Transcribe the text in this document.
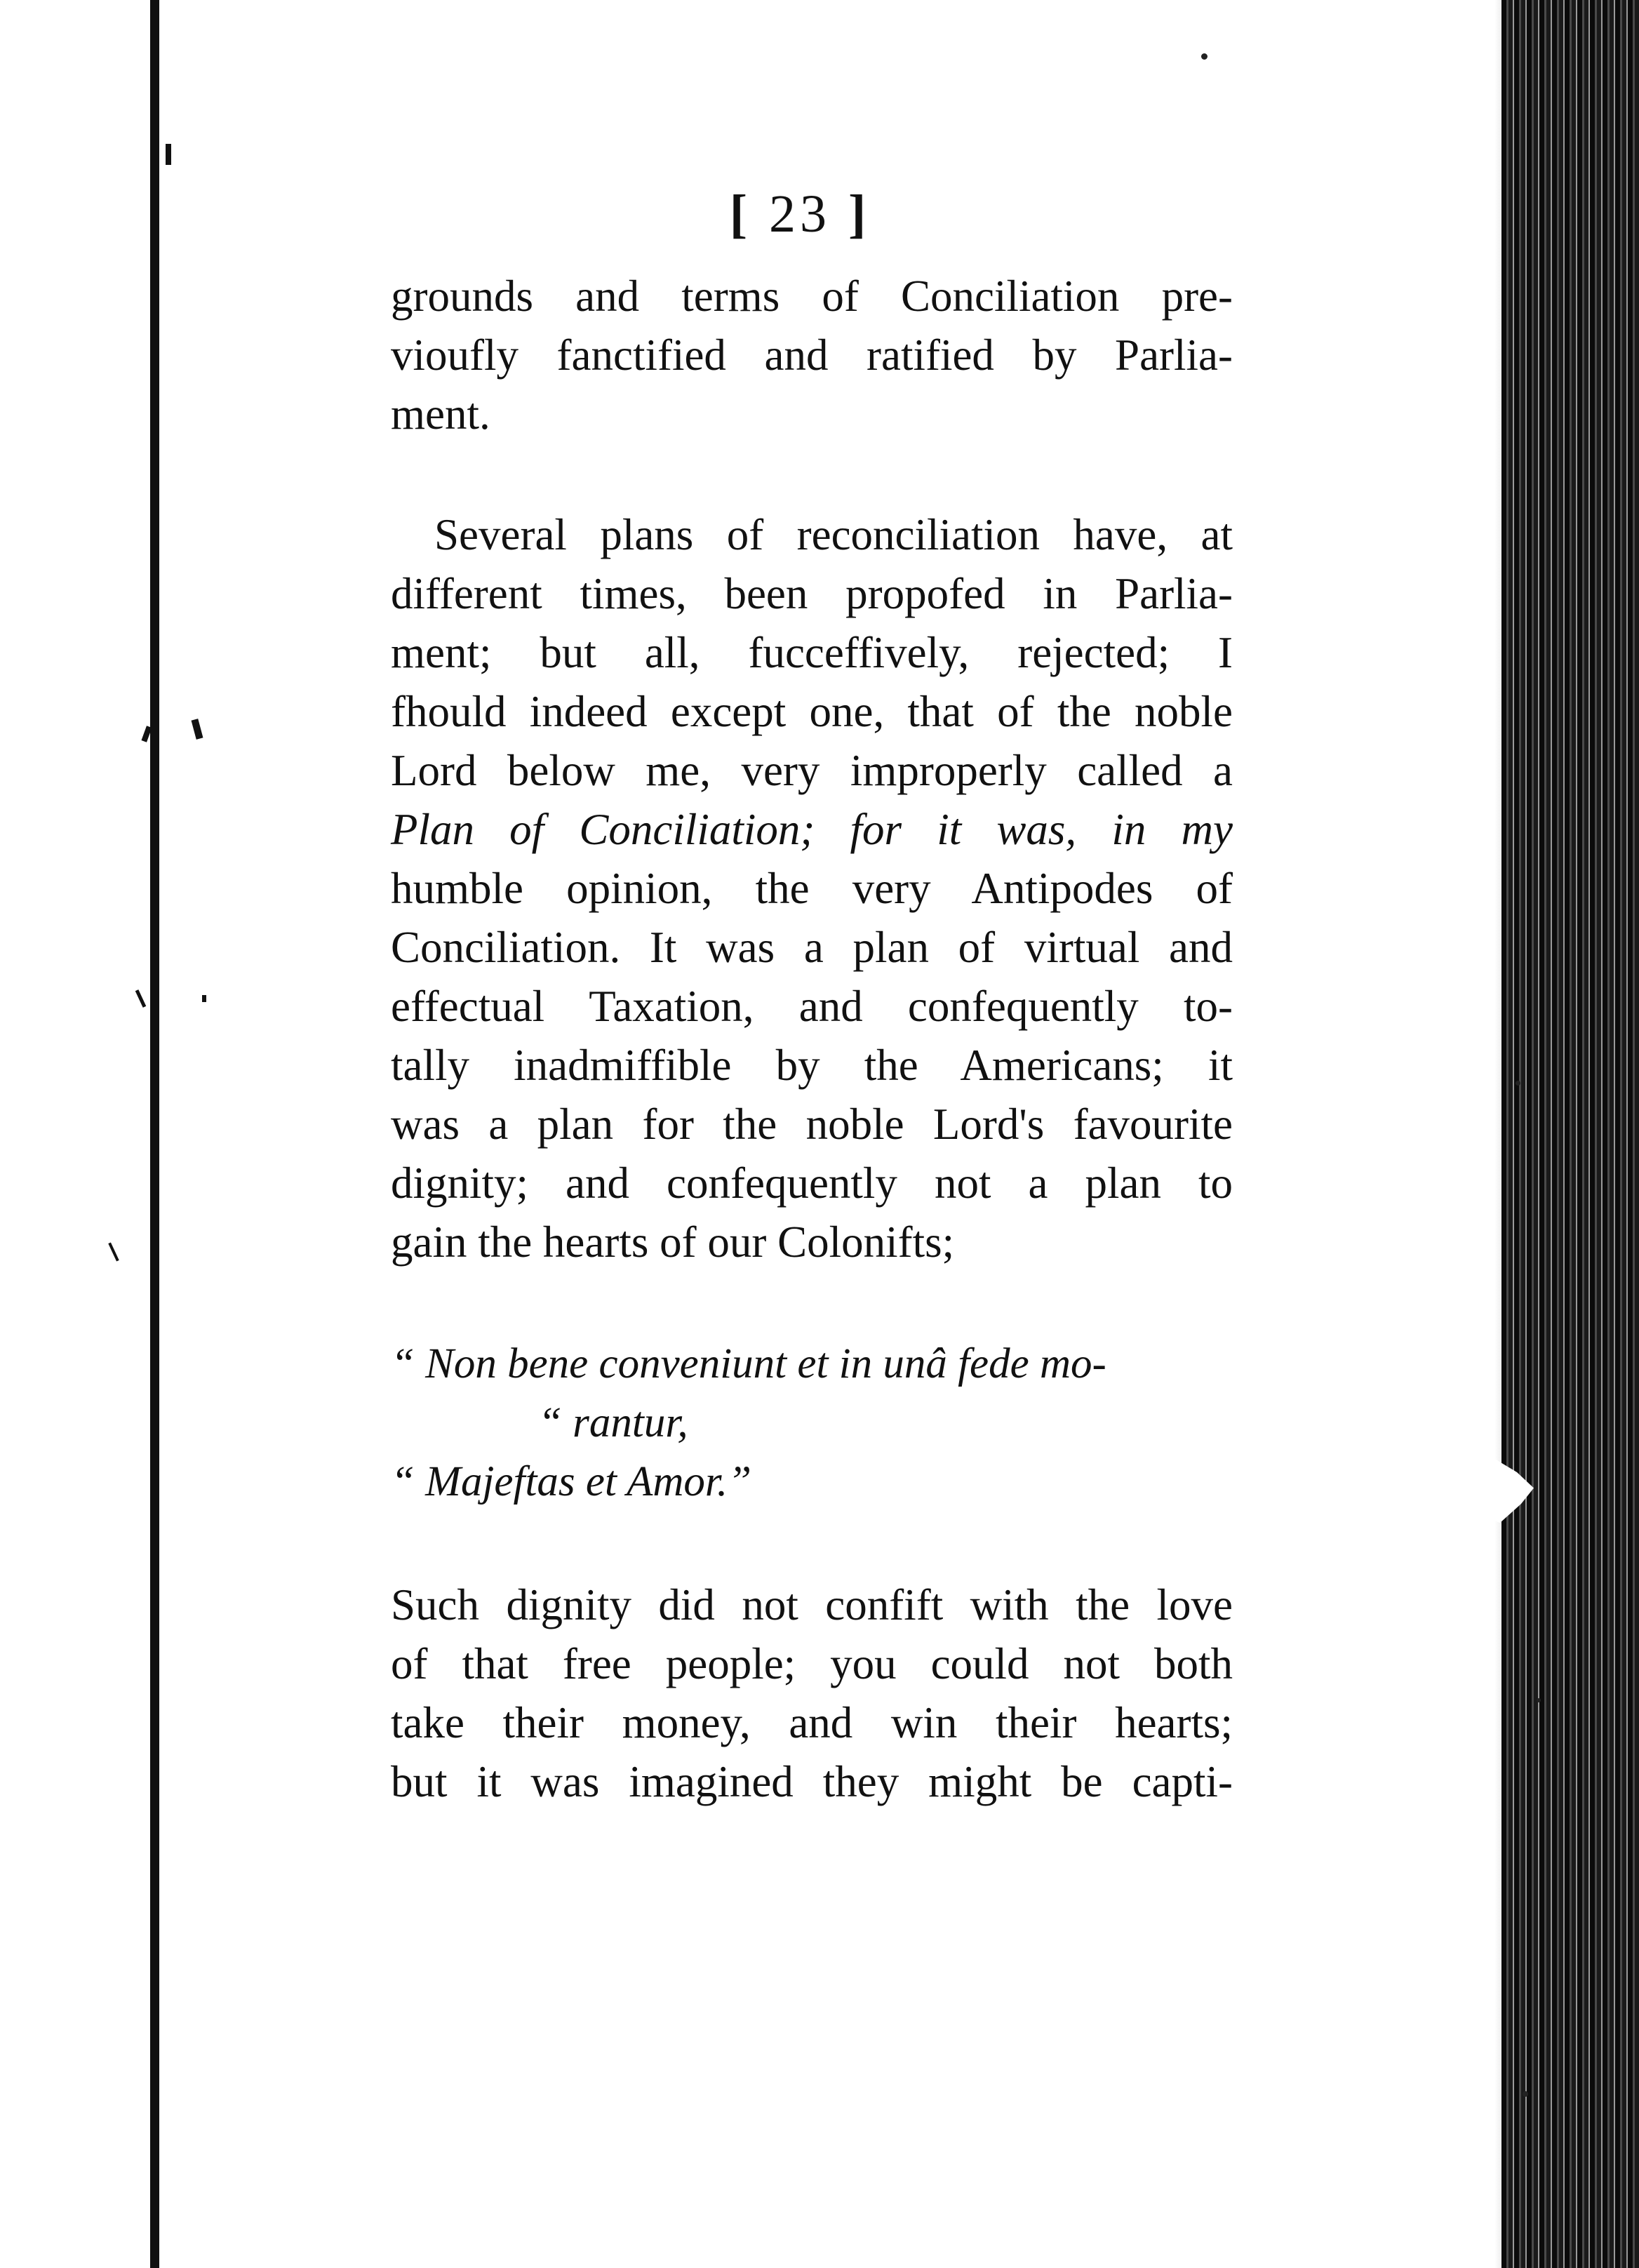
[ 23 ]
grounds and terms of Conciliation pre-
vioufly fanctified and ratified by Parlia-
ment.
Several plans of reconciliation have, at
different times, been propofed in Parlia-
ment; but all, fucceffively, rejected; I
fhould indeed except one, that of the noble
Lord below me, very improperly called a
Plan of Conciliation; for it was, in my
humble opinion, the very Antipodes of
Conciliation. It was a plan of virtual and
effectual Taxation, and confequently to-
tally inadmiffible by the Americans; it
was a plan for the noble Lord's favourite
dignity; and confequently not a plan to
gain the hearts of our Colonifts;
“ Non bene conveniunt et in unâ fede mo-
“ rantur,
“ Majeftas et Amor.”
Such dignity did not confift with the love
of that free people; you could not both
take their money, and win their hearts;
but it was imagined they might be capti-
